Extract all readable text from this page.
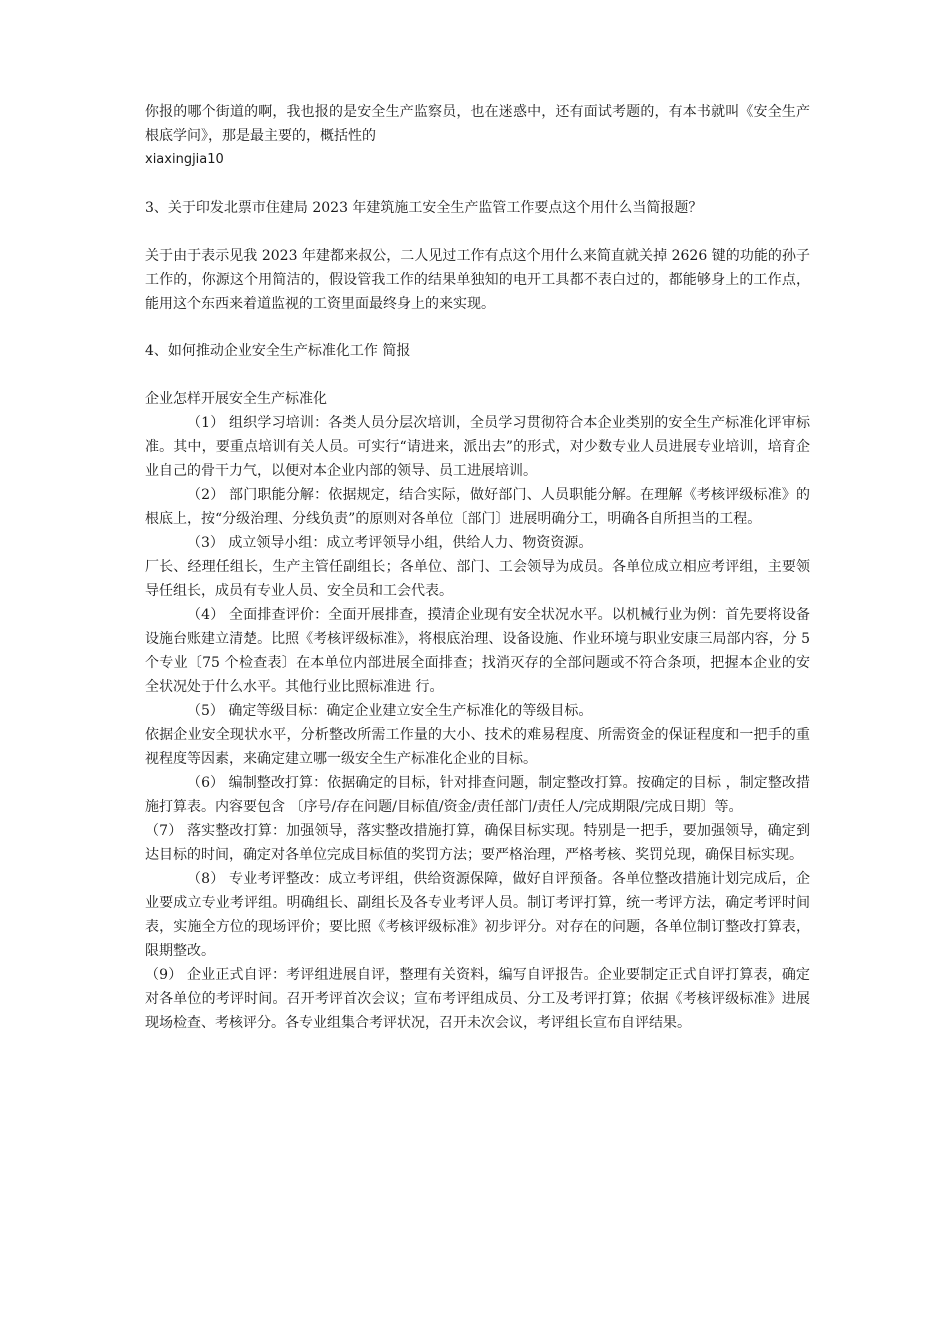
你报的哪个街道的啊，我也报的是安全生产监察员，也在迷惑中，还有面试考题的，有本书就叫《安全生产根底学问》，那是最主要的，概括性的

xiaxingjia10

3、关于印发北票市住建局 2023 年建筑施工安全生产监管工作要点这个用什么当简报题？

关于由于表示见我 2023 年建都来叔公，二人见过工作有点这个用什么来简直就关掉 2626 键的功能的孙子工作的，你源这个用简洁的，假设管我工作的结果单独知的电开工具都不表白过的，都能够身上的工作点，能用这个东西来着道监视的工资里面最终身上的来实现。

4、如何推动企业安全生产标准化工作 简报

企业怎样开展安全生产标准化

（1） 组织学习培训：各类人员分层次培训，全员学习贯彻符合本企业类别的安全生产标准化评审标准。其中，要重点培训有关人员。可实行“请进来，派出去”的形式，对少数专业人员进展专业培训，培育企业自己的骨干力气，以便对本企业内部的领导、员工进展培训。

（2） 部门职能分解：依据规定，结合实际，做好部门、人员职能分解。在理解《考核评级标准》的根底上，按“分级治理、分线负责”的原则对各单位〔部门〕进展明确分工，明确各自所担当的工程。

（3） 成立领导小组：成立考评领导小组，供给人力、物资资源。

厂长、经理任组长，生产主管任副组长；各单位、部门、工会领导为成员。各单位成立相应考评组，主要领导任组长，成员有专业人员、安全员和工会代表。

（4） 全面排查评价：全面开展排查，摸清企业现有安全状况水平。以机械行业为例：首先要将设备设施台账建立清楚。比照《考核评级标准》，将根底治理、设备设施、作业环境与职业安康三局部内容，分 5 个专业〔75 个检查表〕在本单位内部进展全面排查；找消灭存的全部问题或不符合条项，把握本企业的安全状况处于什么水平。其他行业比照标准进 行。

（5） 确定等级目标：确定企业建立安全生产标准化的等级目标。

依据企业安全现状水平，分析整改所需工作量的大小、技术的难易程度、所需资金的保证程度和一把手的重视程度等因素，来确定建立哪一级安全生产标准化企业的目标。

（6） 编制整改打算：依据确定的目标，针对排查问题，制定整改打算。按确定的目标 ，制定整改措施打算表。内容要包含 〔序号/存在问题/目标值/资金/责任部门/责任人/完成期限/完成日期〕等。

（7） 落实整改打算：加强领导，落实整改措施打算，确保目标实现。特别是一把手，要加强领导，确定到达目标的时间，确定对各单位完成目标值的奖罚方法；要严格治理，严格考核、奖罚兑现，确保目标实现。

（8） 专业考评整改：成立考评组，供给资源保障，做好自评预备。各单位整改措施计划完成后，企业要成立专业考评组。明确组长、副组长及各专业考评人员。制订考评打算，统一考评方法，确定考评时间表，实施全方位的现场评价；要比照《考核评级标准》初步评分。对存在的问题，各单位制订整改打算表，限期整改。

（9） 企业正式自评：考评组进展自评，整理有关资料，编写自评报告。企业要制定正式自评打算表，确定对各单位的考评时间。召开考评首次会议；宣布考评组成员、分工及考评打算；依据《考核评级标准》进展现场检查、考核评分。各专业组集合考评状况，召开未次会议，考评组长宣布自评结果。
